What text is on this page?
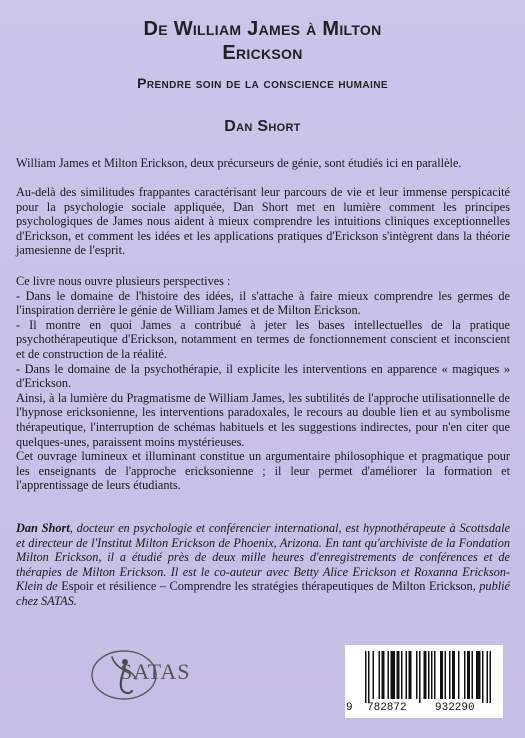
De William James à Milton
Erickson
Prendre soin de la conscience humaine
Dan Short
William James et Milton Erickson, deux précurseurs de génie, sont étudiés ici en parallèle.
Au-delà des similitudes frappantes caractérisant leur parcours de vie et leur immense perspicacité pour la psychologie sociale appliquée, Dan Short met en lumière comment les principes psychologiques de James nous aident à mieux comprendre les intuitions cliniques exceptionnelles d'Erickson, et comment les idées et les applications pratiques d'Erickson s'intègrent dans la théorie jamesienne de l'esprit.
Ce livre nous ouvre plusieurs perspectives :
- Dans le domaine de l'histoire des idées, il s'attache à faire mieux comprendre les germes de l'inspiration derrière le génie de William James et de Milton Erickson.
- Il montre en quoi James a contribué à jeter les bases intellectuelles de la pratique psychothérapeutique d'Erickson, notamment en termes de fonctionnement conscient et inconscient et de construction de la réalité.
- Dans le domaine de la psychothérapie, il explicite les interventions en apparence « magiques » d'Erickson.
Ainsi, à la lumière du Pragmatisme de William James, les subtilités de l'approche utilisationnelle de l'hypnose ericksonienne, les interventions paradoxales, le recours au double lien et au symbolisme thérapeutique, l'interruption de schémas habituels et les suggestions indirectes, pour n'en citer que quelques-unes, paraissent moins mystérieuses.
Cet ouvrage lumineux et illuminant constitue un argumentaire philosophique et pragmatique pour les enseignants de l'approche ericksonienne ; il leur permet d'améliorer la formation et l'apprentissage de leurs étudiants.
Dan Short, docteur en psychologie et conférencier international, est hypnothérapeute à Scottsdale et directeur de l'Institut Milton Erickson de Phoenix, Arizona. En tant qu'archiviste de la Fondation Milton Erickson, il a étudié près de deux mille heures d'enregistrements de conférences et de thérapies de Milton Erickson. Il est le co-auteur avec Betty Alice Erickson et Roxanna Erickson-Klein de Espoir et résilience – Comprendre les stratégies thérapeutiques de Milton Erickson, publié chez SATAS.
SATAS
9 782872	932290
